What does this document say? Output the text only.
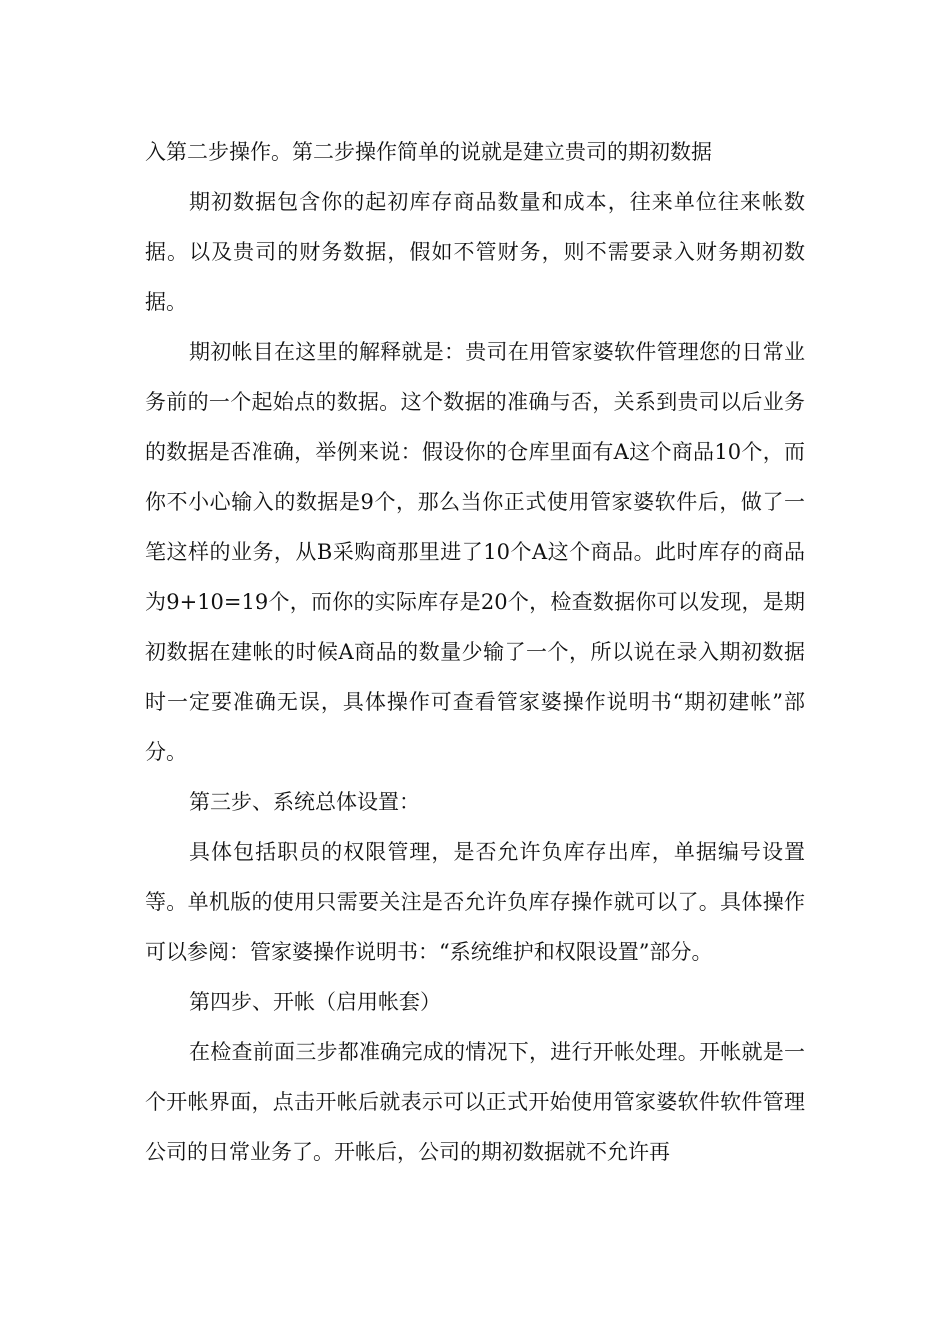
入第二步操作。第二步操作简单的说就是建立贵司的期初数据

期初数据包含你的起初库存商品数量和成本，往来单位往来帐数据。以及贵司的财务数据，假如不管财务，则不需要录入财务期初数据。

期初帐目在这里的解释就是：贵司在用管家婆软件管理您的日常业务前的一个起始点的数据。这个数据的准确与否，关系到贵司以后业务的数据是否准确，举例来说：假设你的仓库里面有A这个商品10个，而你不小心输入的数据是9个，那么当你正式使用管家婆软件后，做了一笔这样的业务，从B采购商那里进了10个A这个商品。此时库存的商品为9+10=19个，而你的实际库存是20个，检查数据你可以发现，是期初数据在建帐的时候A商品的数量少输了一个，所以说在录入期初数据时一定要准确无误，具体操作可查看管家婆操作说明书“期初建帐”部分。

第三步、系统总体设置：

具体包括职员的权限管理，是否允许负库存出库，单据编号设置等。单机版的使用只需要关注是否允许负库存操作就可以了。具体操作可以参阅：管家婆操作说明书：“系统维护和权限设置”部分。

第四步、开帐（启用帐套）

在检查前面三步都准确完成的情况下，进行开帐处理。开帐就是一个开帐界面，点击开帐后就表示可以正式开始使用管家婆软件软件管理公司的日常业务了。开帐后，公司的期初数据就不允许再
